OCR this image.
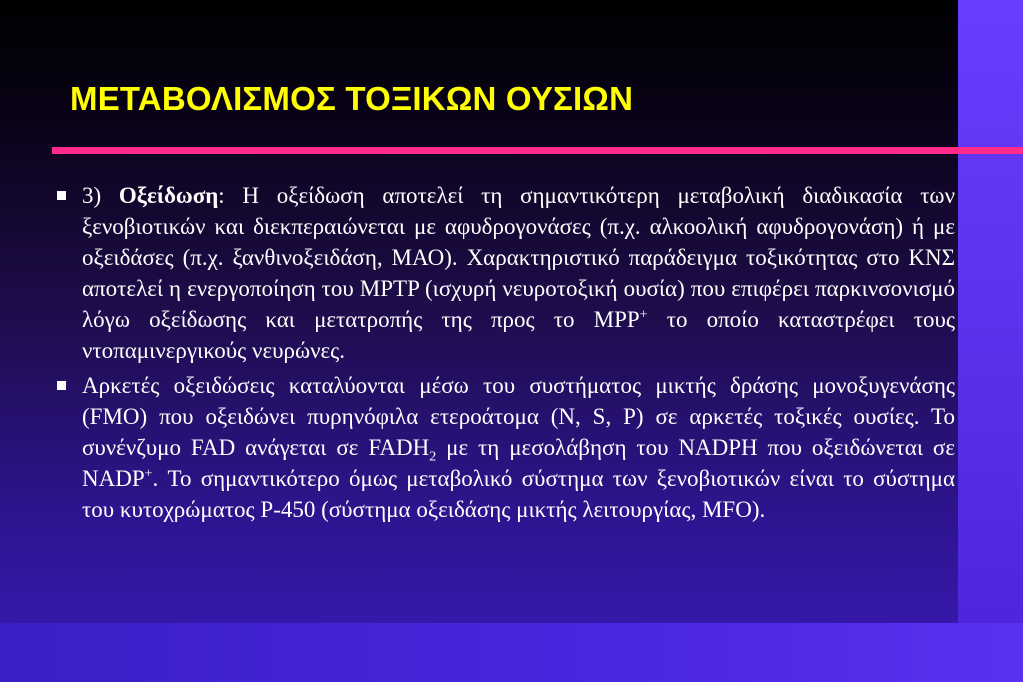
ΜΕΤΑΒΟΛΙΣΜΟΣ ΤΟΞΙΚΩΝ ΟΥΣΙΩΝ
3) Οξείδωση: Η οξείδωση αποτελεί τη σημαντικότερη μεταβολική διαδικασία των ξενοβιοτικών και διεκπεραιώνεται με αφυδρογονάσες (π.χ. αλκοολική αφυδρογονάση) ή με οξειδάσες (π.χ. ξανθινοξειδάση, ΜΑΟ). Χαρακτηριστικό παράδειγμα τοξικότητας στο ΚΝΣ αποτελεί η ενεργοποίηση του MPTP (ισχυρή νευροτοξική ουσία) που επιφέρει παρκινσονισμό λόγω οξείδωσης και μετατροπής της προς το MPP+ το οποίο καταστρέφει τους ντοπαμινεργικούς νευρώνες.
Αρκετές οξειδώσεις καταλύονται μέσω του συστήματος μικτής δράσης μονοξυγενάσης (FMO) που οξειδώνει πυρηνόφιλα ετεροάτομα (N, S, P) σε αρκετές τοξικές ουσίες. Το συνένζυμο FAD ανάγεται σε $FADH_2$ με τη μεσολάβηση του NADPH που οξειδώνεται σε NADP+. Το σημαντικότερο όμως μεταβολικό σύστημα των ξενοβιοτικών είναι το σύστημα του κυτοχρώματος P-450 (σύστημα οξειδάσης μικτής λειτουργίας, MFO).
